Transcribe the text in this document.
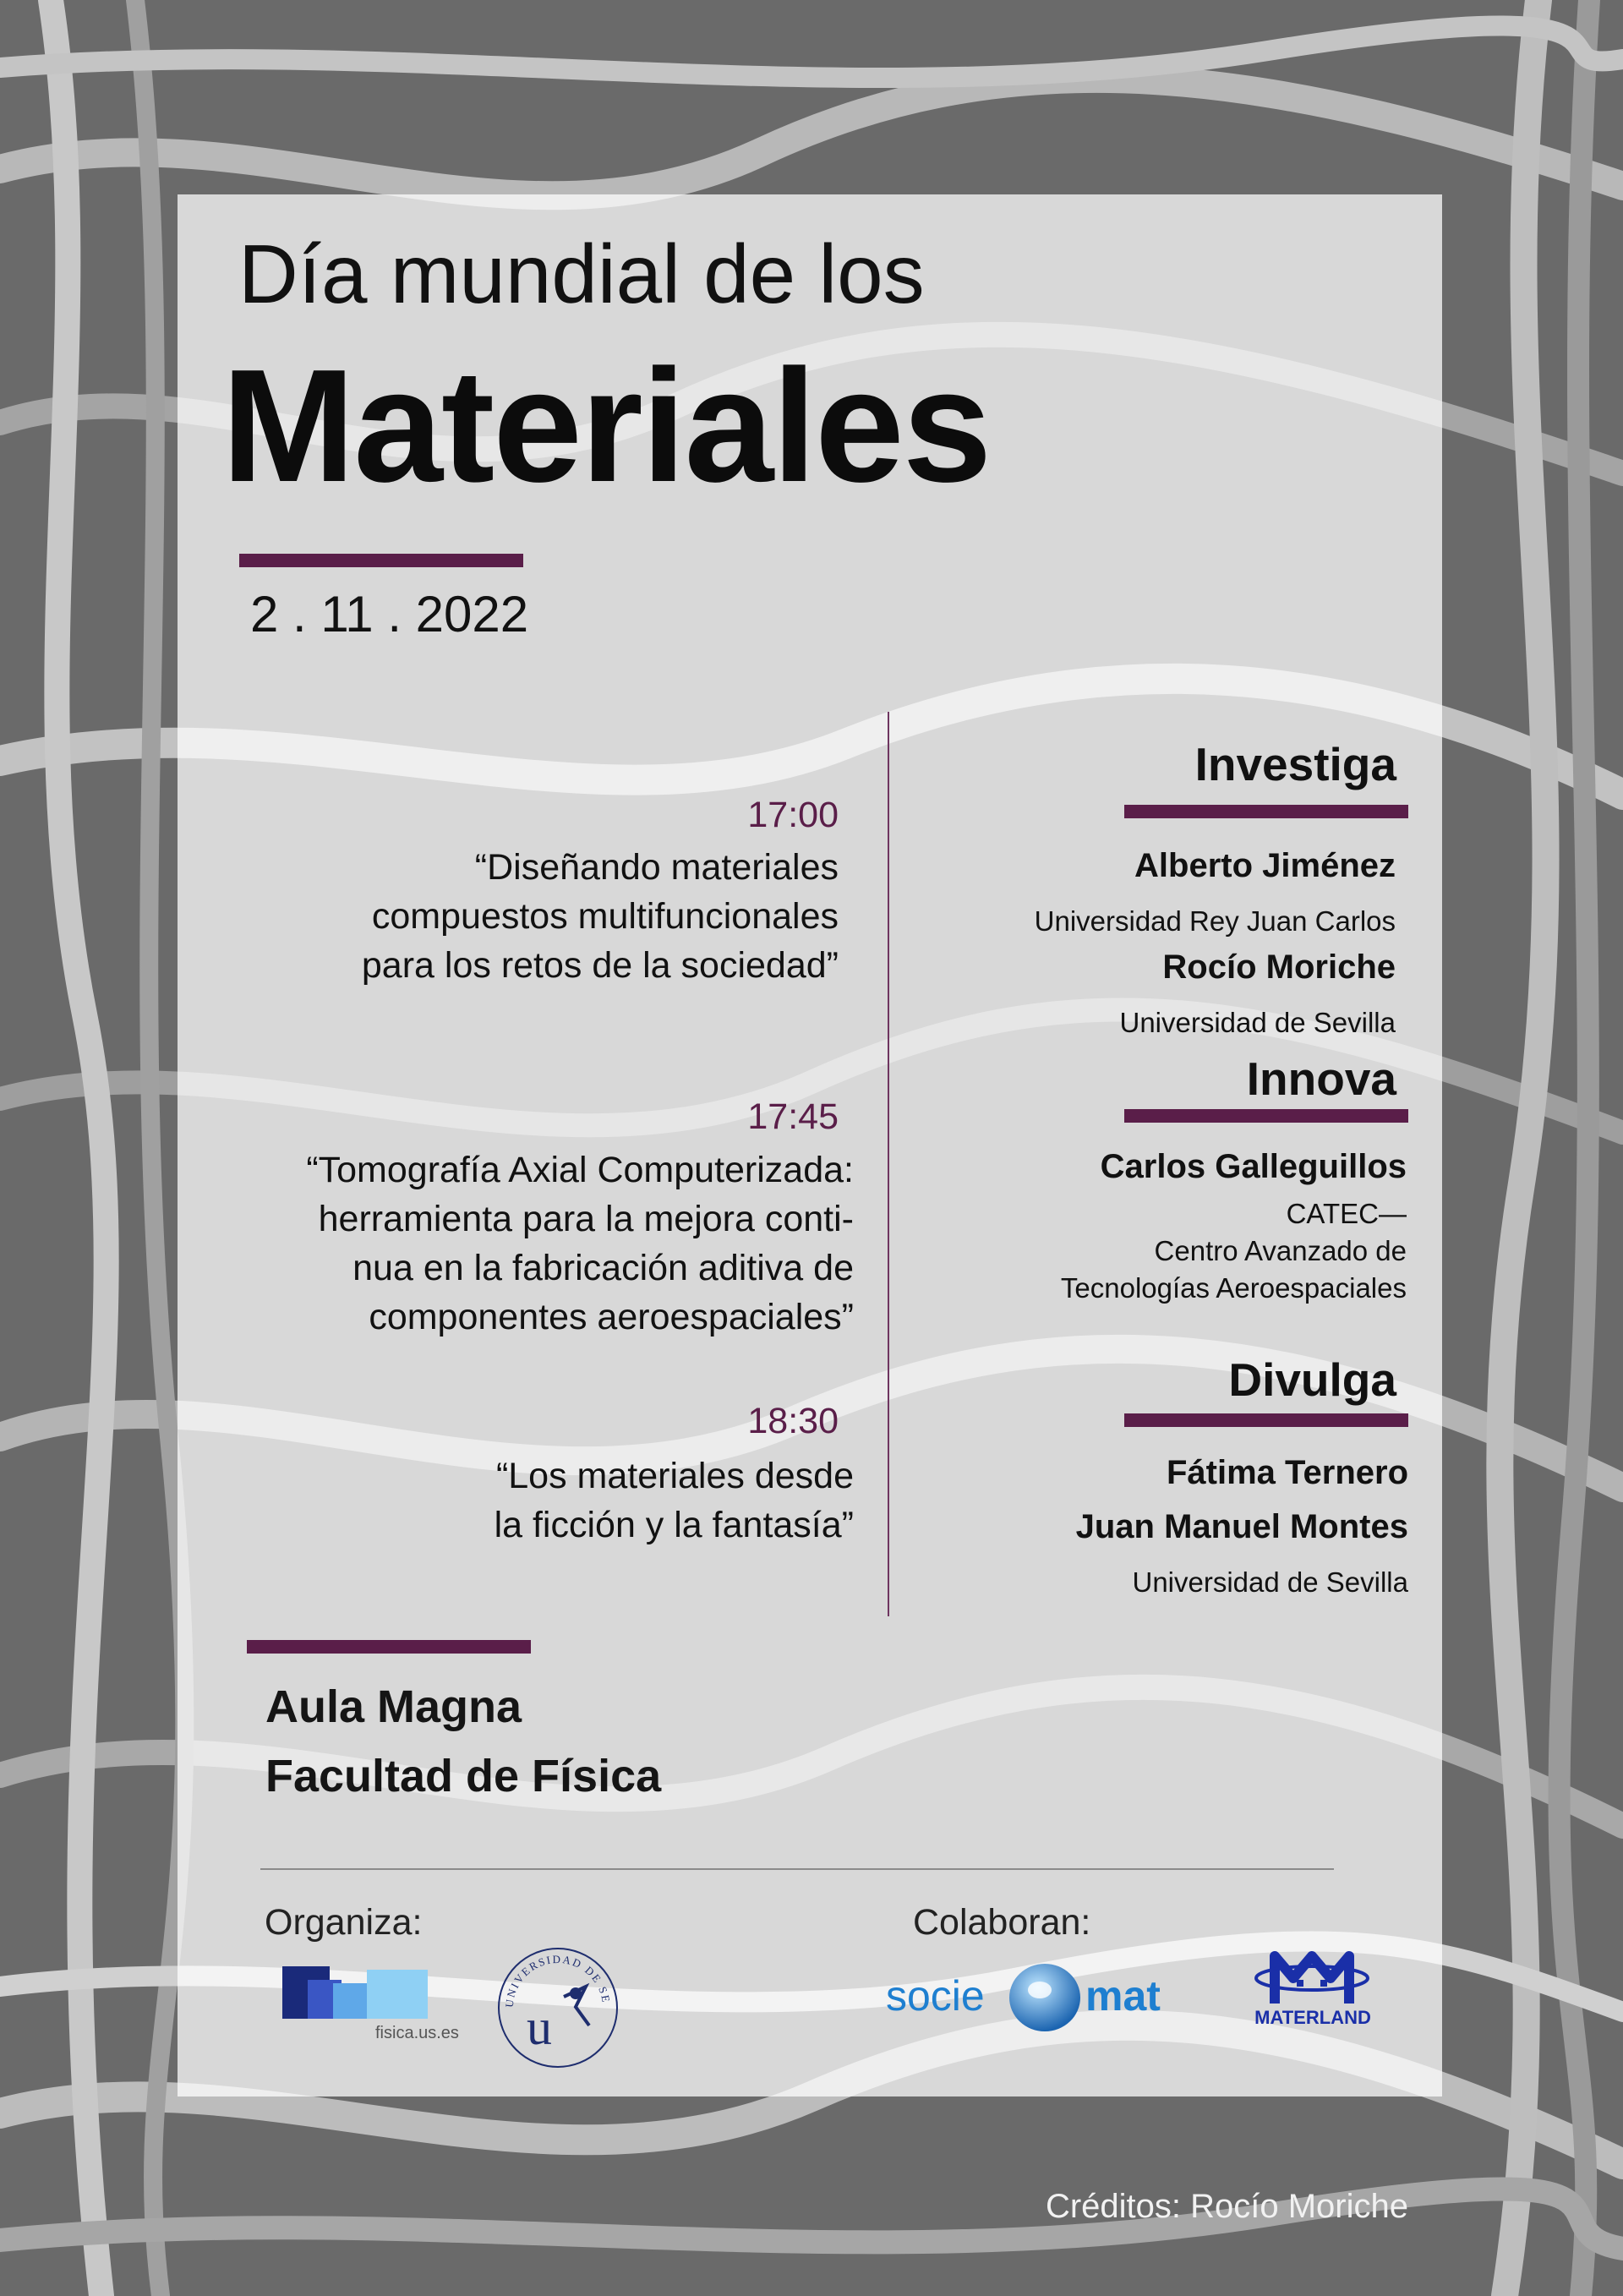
Día mundial de los
Materiales
2 . 11 . 2022
17:00
“Diseñando materiales
compuestos multifuncionales
para los retos de la sociedad”
17:45
“Tomografía Axial Computerizada:
herramienta para la mejora conti-
nua en la fabricación aditiva de
componentes aeroespaciales”
18:30
“Los materiales desde
la ficción y la fantasía”
Investiga
Alberto Jiménez
Universidad Rey Juan Carlos
Rocío Moriche
Universidad de Sevilla
Innova
Carlos Galleguillos
CATEC—
Centro Avanzado de
Tecnologías Aeroespaciales
Divulga
Fátima Ternero
Juan Manuel Montes
Universidad de Sevilla
Aula Magna
Facultad de Física
Organiza:	Colaboran:
fisica.us.es
UNIVERSIDAD DE SE
u
socie mat	MATERLAND
Créditos: Rocío Moriche
